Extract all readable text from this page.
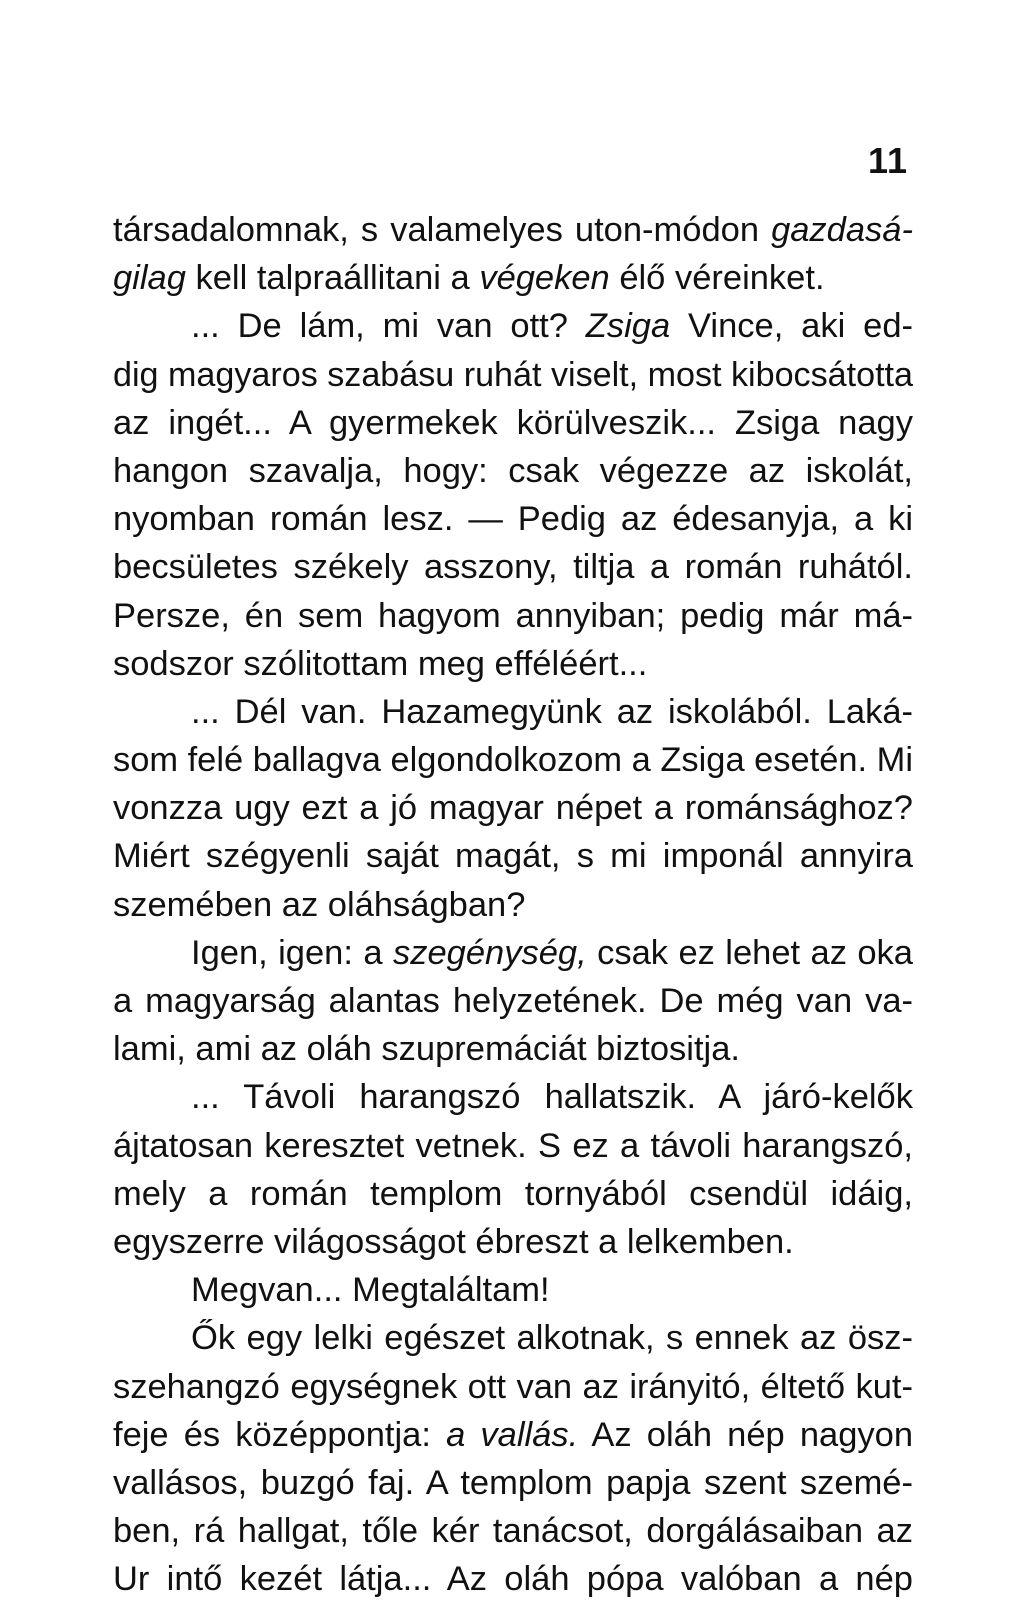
11
társadalomnak, s valamelyes uton-módon gazdasá-
gilag kell talpraállitani a végeken élő véreinket.
... De lám, mi van ott? Zsiga Vince, aki ed-
dig magyaros szabásu ruhát viselt, most kibocsátotta
az ingét... A gyermekek körülveszik... Zsiga nagy
hangon szavalja, hogy: csak végezze az iskolát,
nyomban román lesz. — Pedig az édesanyja, a ki
becsületes székely asszony, tiltja a román ruhától.
Persze, én sem hagyom annyiban; pedig már má-
sodszor szólitottam meg efféléért...
... Dél van. Hazamegyünk az iskolából. Laká-
som felé ballagva elgondolkozom a Zsiga esetén. Mi
vonzza ugy ezt a jó magyar népet a románsághoz?
Miért szégyenli saját magát, s mi imponál annyira
szemében az oláhságban?
Igen, igen: a szegénység, csak ez lehet az oka
a magyarság alantas helyzetének. De még van va-
lami, ami az oláh szupremáciát biztositja.
... Távoli harangszó hallatszik. A járó-kelők
ájtatosan keresztet vetnek. S ez a távoli harangszó,
mely a román templom tornyából csendül idáig,
egyszerre világosságot ébreszt a lelkemben.
Megvan... Megtaláltam!
Ők egy lelki egészet alkotnak, s ennek az ösz-
szehangzó egységnek ott van az irányitó, éltető kut-
feje és középpontja: a vallás. Az oláh nép nagyon
vallásos, buzgó faj. A templom papja szent szemé-
ben, rá hallgat, tőle kér tanácsot, dorgálásaiban az
Ur intő kezét látja... Az oláh pópa valóban a nép
